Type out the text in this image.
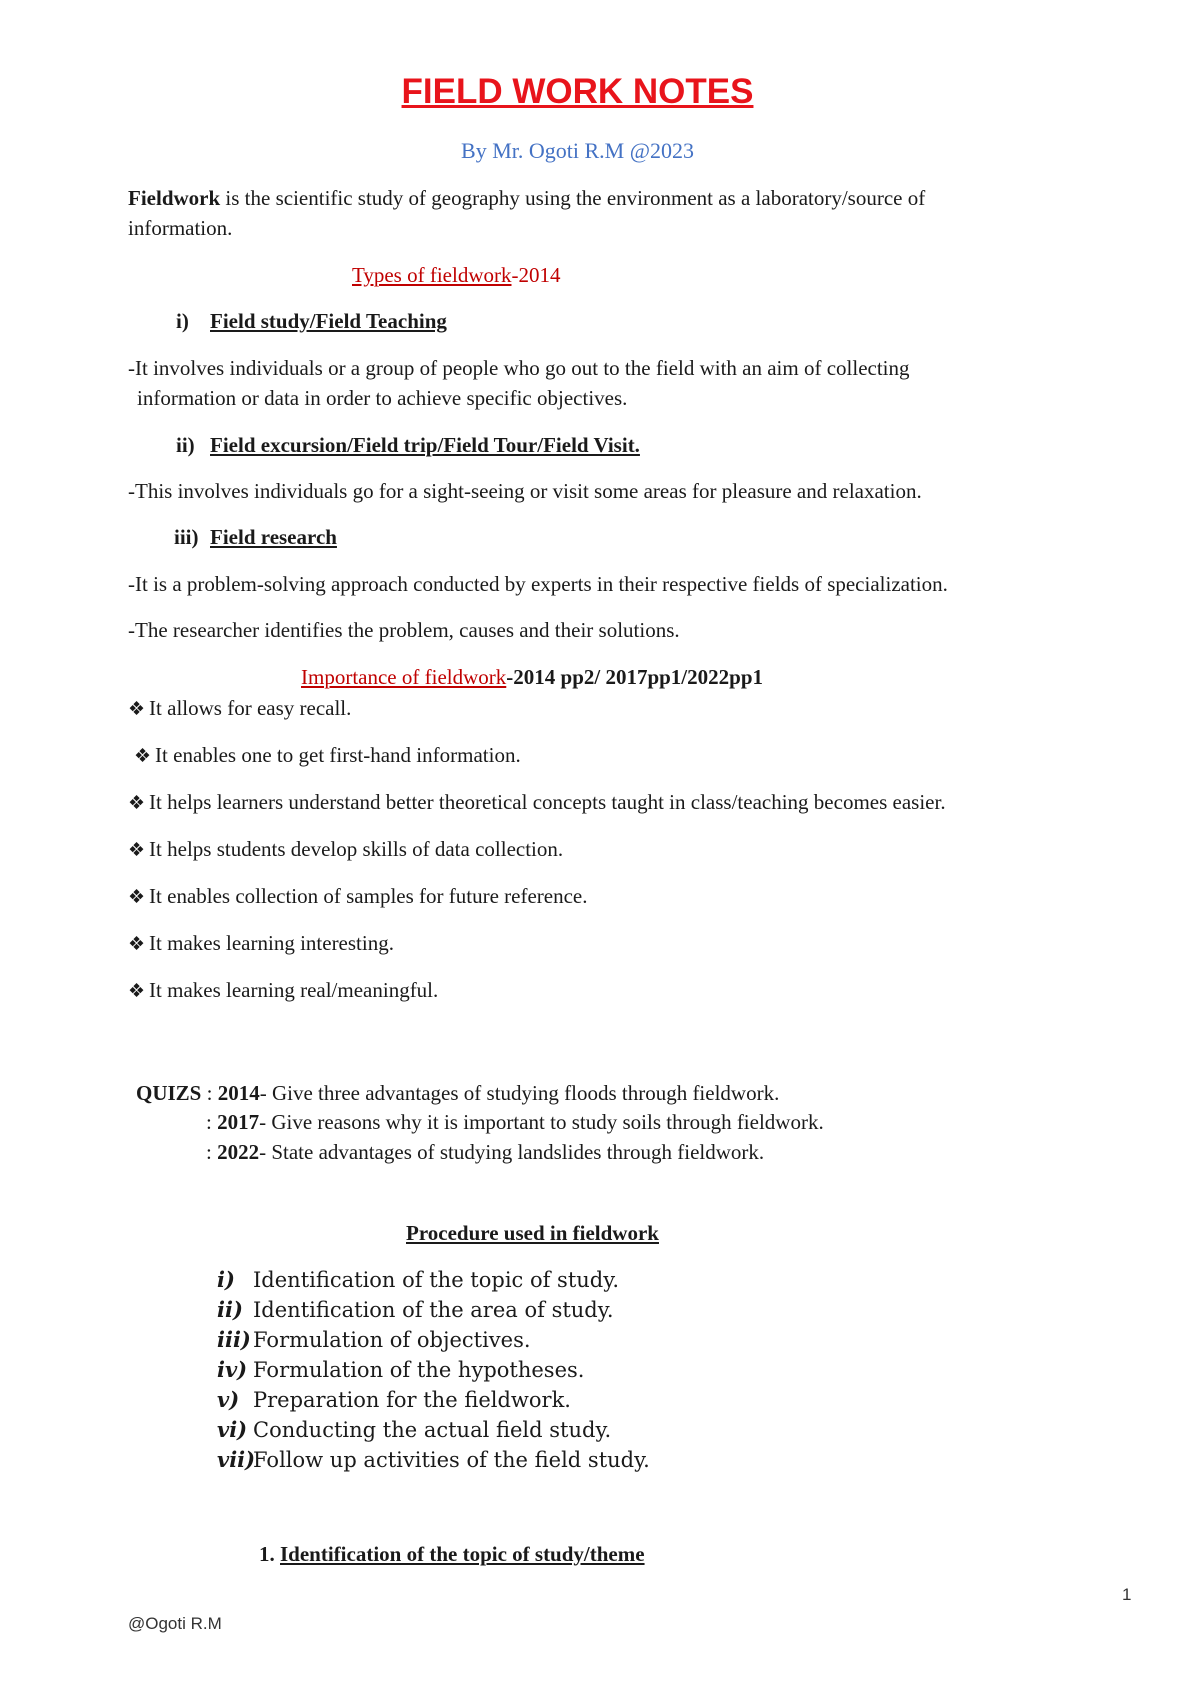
FIELD WORK NOTES
By Mr. Ogoti R.M @2023
Fieldwork is the scientific study of geography using the environment as a laboratory/source of
information.
Types of fieldwork-2014
i) Field study/Field Teaching
-It involves individuals or a group of people who go out to the field with an aim of collecting
information or data in order to achieve specific objectives.
ii) Field excursion/Field trip/Field Tour/Field Visit.
-This involves individuals go for a sight-seeing or visit some areas for pleasure and relaxation.
iii) Field research
-It is a problem-solving approach conducted by experts in their respective fields of specialization.
-The researcher identifies the problem, causes and their solutions.
Importance of fieldwork-2014 pp2/ 2017pp1/2022pp1
❖ It allows for easy recall.
❖ It enables one to get first-hand information.
❖ It helps learners understand better theoretical concepts taught in class/teaching becomes easier.
❖ It helps students develop skills of data collection.
❖ It enables collection of samples for future reference.
❖ It makes learning interesting.
❖ It makes learning real/meaningful.
QUIZS : 2014- Give three advantages of studying floods through fieldwork.
: 2017- Give reasons why it is important to study soils through fieldwork.
: 2022- State advantages of studying landslides through fieldwork.
Procedure used in fieldwork
i) Identification of the topic of study.
ii) Identification of the area of study.
iii) Formulation of objectives.
iv) Formulation of the hypotheses.
v) Preparation for the fieldwork.
vi) Conducting the actual field study.
vii)Follow up activities of the field study.
1. Identification of the topic of study/theme
1
@Ogoti R.M
